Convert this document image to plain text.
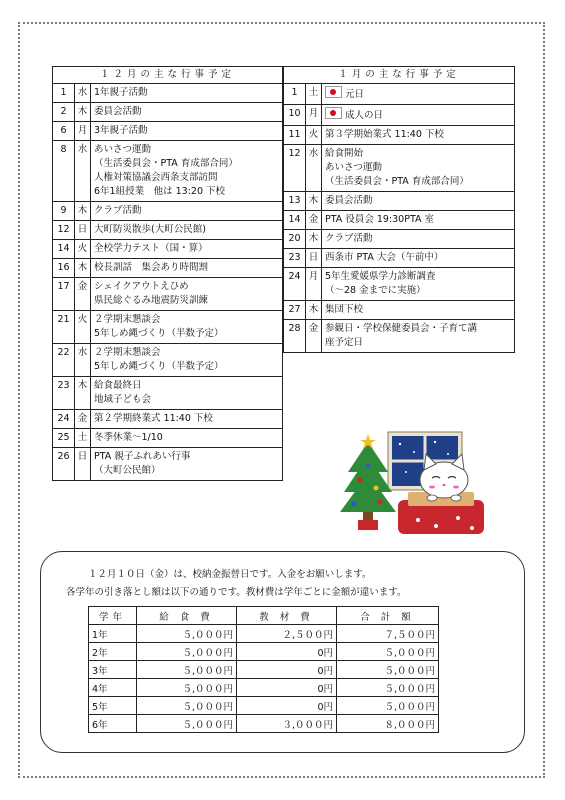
１２月の主な行事予定		
1	水	1年親子活動

2	木	委員会活動

6	月	3年親子活動

8	水	あいさつ運動
（生活委員会・PTA 育成部合同）
人権対策協議会西条支部訪問
6年1組授業　他は 13:20 下校

9	木	クラブ活動

12	日	大町防災散歩(大町公民館)

14	火	全校学力テスト（国・算）

16	木	校長訓話　集会あり時間割

17	金	シェイクアウトえひめ
県民総ぐるみ地震防災訓練

21	火	２学期末懇談会
5年しめ縄づくり（半数予定）

22	水	２学期末懇談会
5年しめ縄づくり（半数予定）

23	木	給食最終日
地域子ども会

24	金	第２学期終業式 11:40 下校

25	土	冬季休業～1/10

26	日	PTA 親子ふれあい行事
（大町公民館）
１月の主な行事予定		
1	土	元日

10	月	成人の日

11	火	第３学期始業式 11:40 下校

12	水	給食開始
あいさつ運動
（生活委員会・PTA 育成部合同）

13	木	委員会活動

14	金	PTA 役員会 19:30PTA 室

20	木	クラブ活動

23	日	西条市 PTA 大会（午前中）

24	月	5年生愛媛県学力診断調査
（～28 金までに実施）

27	木	集団下校

28	金	参観日・学校保健委員会・子育て講
座予定日
１２月１０日（金）は、校納金振替日です。入金をお願いします。
各学年の引き落とし額は以下の通りです。教材費は学年ごとに金額が違います。
学年	給 食 費	教 材 費	合 計 額
1年	５,０００円	２,５００円	７,５００円
2年	５,０００円	0円	５,０００円
3年	５,０００円	0円	５,０００円
4年	５,０００円	0円	５,０００円
5年	５,０００円	0円	５,０００円
6年	５,０００円	３,０００円	８,０００円
